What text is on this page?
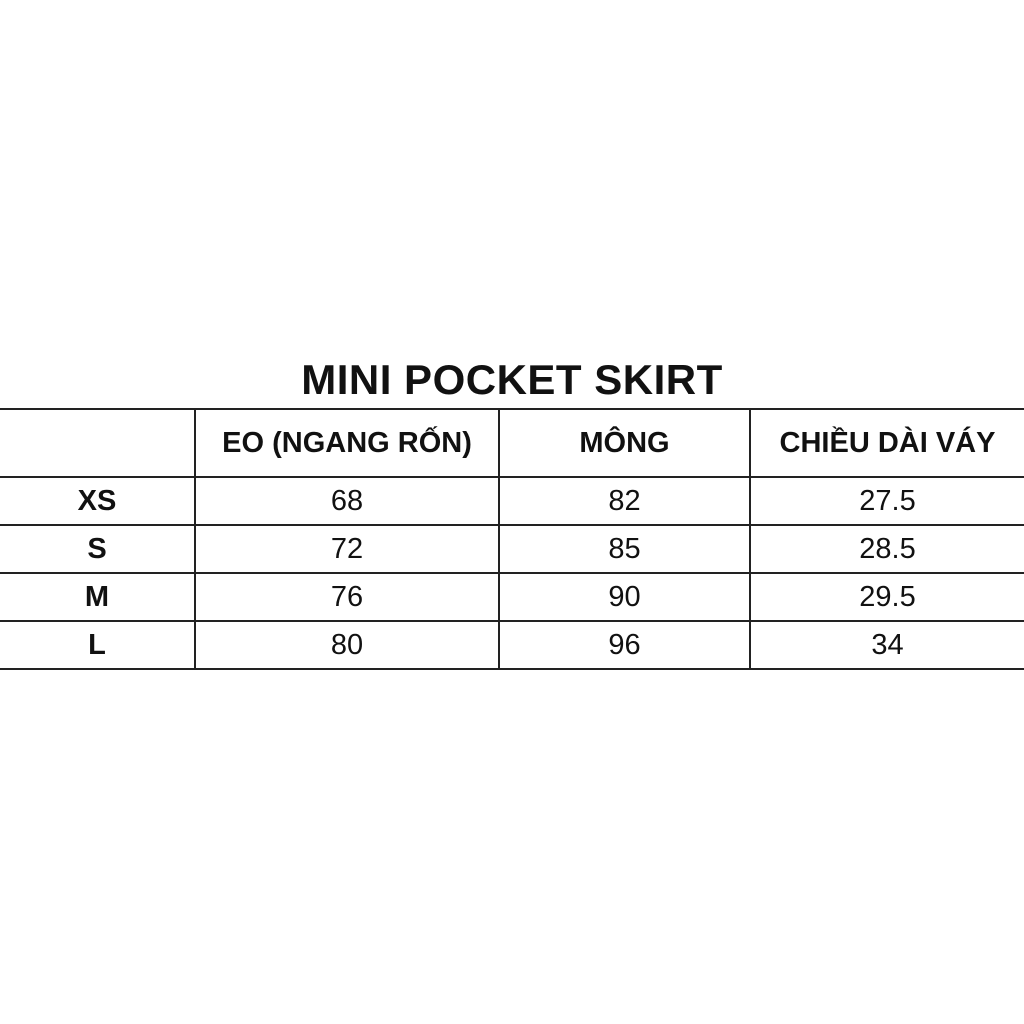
MINI POCKET SKIRT
	EO (NGANG RỐN)	MÔNG	CHIỀU DÀI VÁY
XS	68	82	27.5
S	72	85	28.5
M	76	90	29.5
L	80	96	34
